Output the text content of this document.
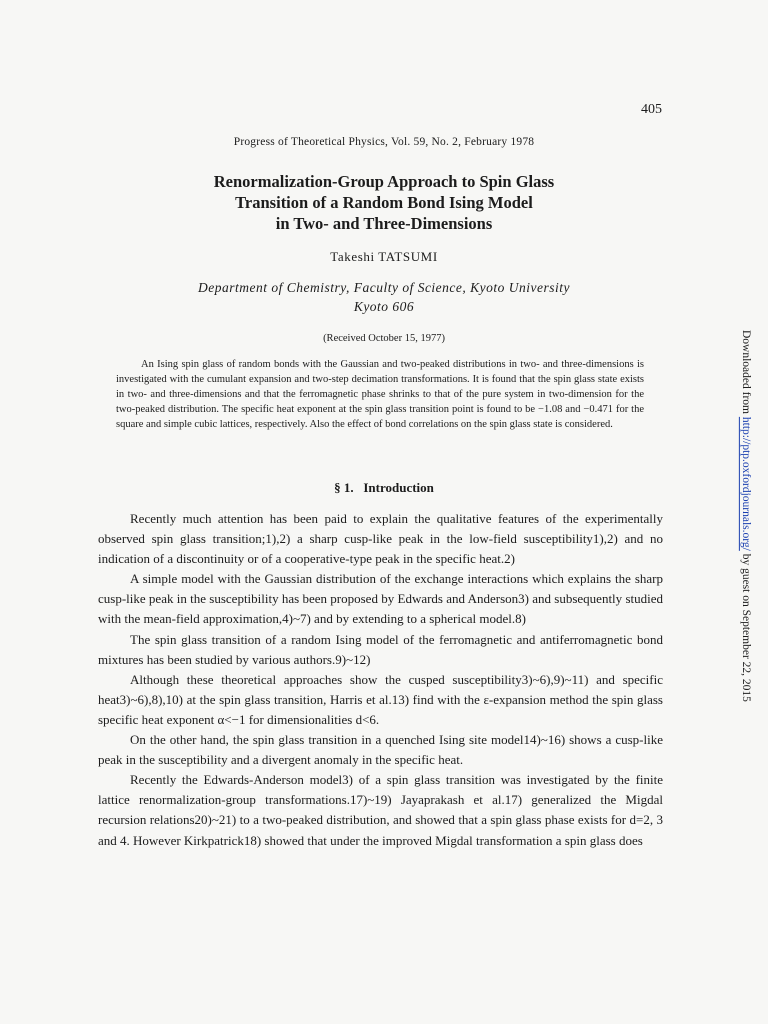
405
Progress of Theoretical Physics, Vol. 59, No. 2, February 1978
Renormalization-Group Approach to Spin Glass
Transition of a Random Bond Ising Model
in Two- and Three-Dimensions
Takeshi TATSUMI
Department of Chemistry, Faculty of Science, Kyoto University
Kyoto 606
(Received October 15, 1977)

An Ising spin glass of random bonds with the Gaussian and two-peaked distributions in two- and three-dimensions is investigated with the cumulant expansion and two-step decimation transformations. It is found that the spin glass state exists in two- and three-dimensions and that the ferromagnetic phase shrinks to that of the pure system in two-dimension for the two-peaked distribution. The specific heat exponent at the spin glass transition point is found to be −1.08 and −0.471 for the square and simple cubic lattices, respectively. Also the effect of bond correlations on the spin glass state is considered.

§ 1. Introduction

Recently much attention has been paid to explain the qualitative features of the experimentally observed spin glass transition;1),2) a sharp cusp-like peak in the low-field susceptibility1),2) and no indication of a discontinuity or of a cooperative-type peak in the specific heat.2)

A simple model with the Gaussian distribution of the exchange interactions which explains the sharp cusp-like peak in the susceptibility has been proposed by Edwards and Anderson3) and subsequently studied with the mean-field approximation,4)~7) and by extending to a spherical model.8)

The spin glass transition of a random Ising model of the ferromagnetic and antiferromagnetic bond mixtures has been studied by various authors.9)~12)

Although these theoretical approaches show the cusped susceptibility3)~6),9)~11) and specific heat3)~6),8),10) at the spin glass transition, Harris et al.13) find with the ε-expansion method the spin glass specific heat exponent α<−1 for dimensionalities d<6.

On the other hand, the spin glass transition in a quenched Ising site model14)~16) shows a cusp-like peak in the susceptibility and a divergent anomaly in the specific heat.

Recently the Edwards-Anderson model3) of a spin glass transition was investigated by the finite lattice renormalization-group transformations.17)~19) Jayaprakash et al.17) generalized the Migdal recursion relations20)~21) to a two-peaked distribution, and showed that a spin glass phase exists for d=2, 3 and 4. However Kirkpatrick18) showed that under the improved Migdal transformation a spin glass does

Downloaded from http://ptp.oxfordjournals.org/ by guest on September 22, 2015
